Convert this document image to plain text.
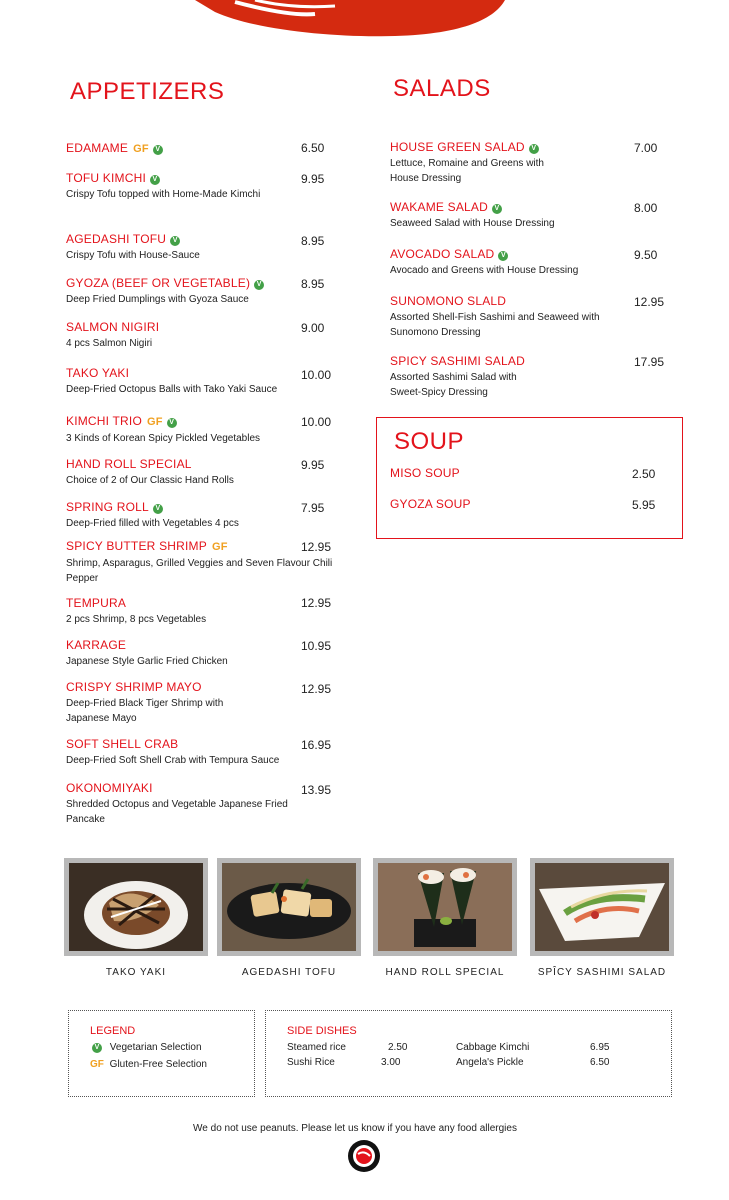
APPETIZERS
EDAMAME GF V	6.50
TOFU KIMCHI V
Crispy Tofu topped with Home-Made Kimchi
9.95
AGEDASHI TOFU V
Crispy Tofu with House-Sauce
8.95
GYOZA (BEEF OR VEGETABLE) V
Deep Fried Dumplings with Gyoza Sauce
8.95
SALMON NIGIRI
4 pcs Salmon Nigiri
9.00
TAKO YAKI
Deep-Fried Octopus Balls with Tako Yaki Sauce
10.00
KIMCHI TRIO GF V
3 Kinds of Korean Spicy Pickled Vegetables
10.00
HAND ROLL SPECIAL
Choice of 2 of Our Classic Hand Rolls
9.95
SPRING ROLL V
Deep-Fried filled with Vegetables 4 pcs
7.95
SPICY BUTTER SHRIMP GF
Shrimp, Asparagus, Grilled Veggies and Seven Flavour Chili Pepper
12.95
TEMPURA
2 pcs Shrimp, 8 pcs Vegetables
12.95
KARRAGE
Japanese Style Garlic Fried Chicken
10.95
CRISPY SHRIMP MAYO
Deep-Fried Black Tiger Shrimp with Japanese Mayo
12.95
SOFT SHELL CRAB
Deep-Fried Soft Shell Crab with Tempura Sauce
16.95
OKONOMIYAKI
Shredded Octopus and Vegetable Japanese Fried Pancake
13.95
SALADS
HOUSE GREEN SALAD V
Lettuce, Romaine and Greens with House Dressing
7.00
WAKAME SALAD V
Seaweed Salad with House Dressing
8.00
AVOCADO SALAD V
Avocado and Greens with House Dressing
9.50
SUNOMONO SLALD
Assorted Shell-Fish Sashimi and Seaweed with Sunomono Dressing
12.95
SPICY SASHIMI SALAD
Assorted Sashimi Salad with Sweet-Spicy Dressing
17.95
SOUP
MISO SOUP	2.50
GYOZA SOUP	5.95
TAKO YAKI	AGEDASHI TOFU	HAND ROLL SPECIAL	SPÎCY SASHIMI SALAD
LEGEND
V Vegetarian Selection
GF Gluten-Free Selection
SIDE DISHES
Steamed rice	2.50
Sushi Rice	3.00
Cabbage Kimchi	6.95
Angela's Pickle	6.50
We do not use peanuts. Please let us know if you have any food allergies
